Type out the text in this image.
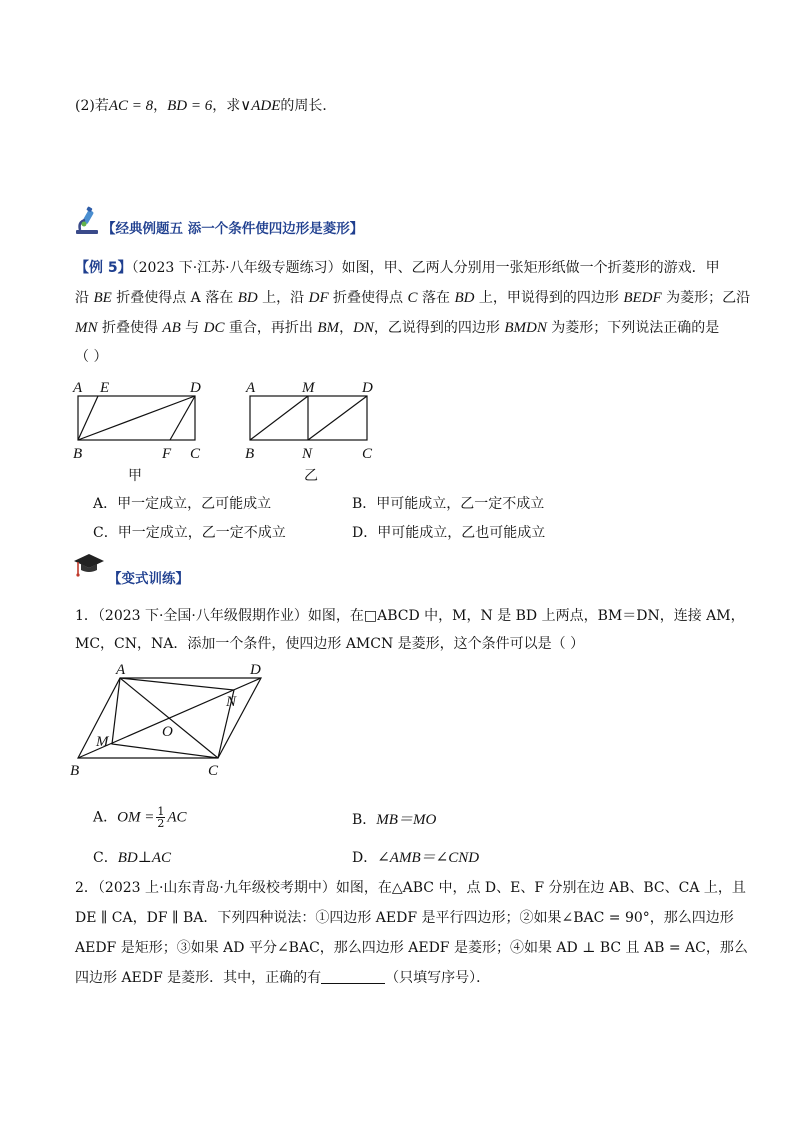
(2)若AC = 8，BD = 6，求∨ADE的周长．
【经典例题五 添一个条件使四边形是菱形】
【例 5】（2023 下·江苏·八年级专题练习）如图，甲、乙两人分别用一张矩形纸做一个折菱形的游戏．甲
沿 BE 折叠使得点 A 落在 BD 上，沿 DF 折叠使得点 C 落在 BD 上，甲说得到的四边形 BEDF 为菱形；乙沿
MN 折叠使得 AB 与 DC 重合，再折出 BM，DN，乙说得到的四边形 BMDN 为菱形；下列说法正确的是
（ ）
A E	D
B	F C
甲
A	M	D
B	N	C
乙
A．甲一定成立，乙可能成立	B．甲可能成立，乙一定不成立
C．甲一定成立，乙一定不成立	D．甲可能成立，乙也可能成立
【变式训练】
1．（2023 下·全国·八年级假期作业）如图，在□ABCD 中，M，N 是 BD 上两点，BM＝DN，连接 AM，
MC，CN，NA．添加一个条件，使四边形 AMCN 是菱形，这个条件可以是（ ）
A	D
N
O
M
B	C
A．OM = $\frac{1}{2}$ AC	B．MB＝MO
C．BD⊥AC	D．∠AMB＝∠CND
2．（2023 上·山东青岛·九年级校考期中）如图，在△ABC 中，点 D、E、F 分别在边 AB、BC、CA 上，且
DE ∥ CA，DF ∥ BA．下列四种说法：①四边形 AEDF 是平行四边形；②如果∠BAC = 90°，那么四边形
AEDF 是矩形；③如果 AD 平分∠BAC，那么四边形 AEDF 是菱形；④如果 AD ⊥ BC 且 AB = AC，那么
四边形 AEDF 是菱形．其中，正确的有	（只填写序号）．
